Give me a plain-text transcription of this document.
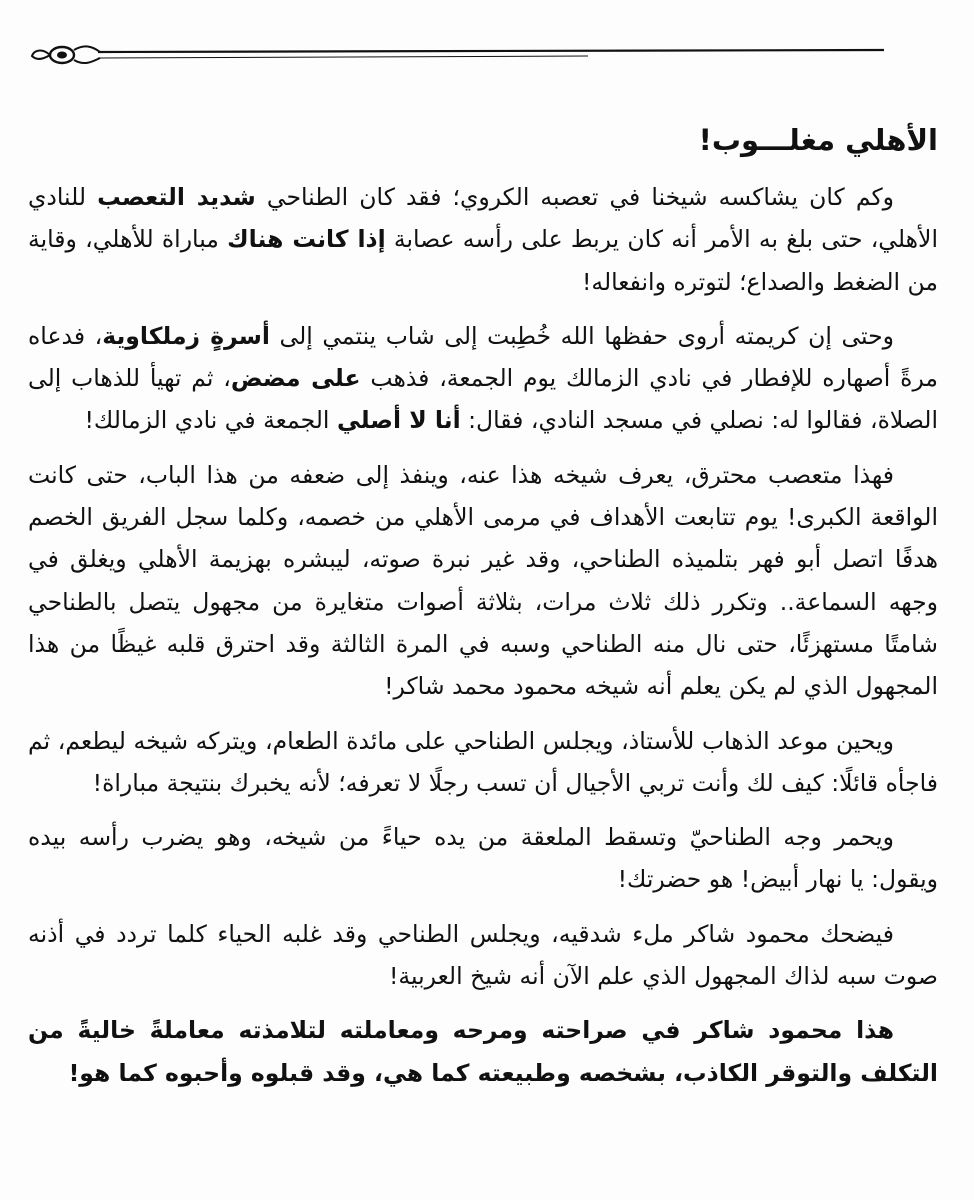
الأهلي مغلـــوب!

وكم كان يشاكسه شيخنا في تعصبه الكروي؛ فقد كان الطناحي شديد التعصب للنادي الأهلي، حتى بلغ به الأمر أنه كان يربط على رأسه عصابة إذا كانت هناك مباراة للأهلي، وقاية من الضغط والصداع؛ لتوتره وانفعاله!

وحتى إن كريمته أروى حفظها الله خُطِبت إلى شاب ينتمي إلى أسرةٍ زملكاوية، فدعاه مرةً أصهاره للإفطار في نادي الزمالك يوم الجمعة، فذهب على مضض، ثم تهيأ للذهاب إلى الصلاة، فقالوا له: نصلي في مسجد النادي، فقال: أنا لا أصلي الجمعة في نادي الزمالك!

فهذا متعصب محترق، يعرف شيخه هذا عنه، وينفذ إلى ضعفه من هذا الباب، حتى كانت الواقعة الكبرى! يوم تتابعت الأهداف في مرمى الأهلي من خصمه، وكلما سجل الفريق الخصم هدفًا اتصل أبو فهر بتلميذه الطناحي، وقد غير نبرة صوته، ليبشره بهزيمة الأهلي ويغلق في وجهه السماعة.. وتكرر ذلك ثلاث مرات، بثلاثة أصوات متغايرة من مجهول يتصل بالطناحي شامتًا مستهزئًا، حتى نال منه الطناحي وسبه في المرة الثالثة وقد احترق قلبه غيظًا من هذا المجهول الذي لم يكن يعلم أنه شيخه محمود محمد شاكر!

ويحين موعد الذهاب للأستاذ، ويجلس الطناحي على مائدة الطعام، ويتركه شيخه ليطعم، ثم فاجأه قائلًا: كيف لك وأنت تربي الأجيال أن تسب رجلًا لا تعرفه؛ لأنه يخبرك بنتيجة مباراة!

ويحمر وجه الطناحيّ وتسقط الملعقة من يده حياءً من شيخه، وهو يضرب رأسه بيده ويقول: يا نهار أبيض! هو حضرتك!

فيضحك محمود شاكر ملء شدقيه، ويجلس الطناحي وقد غلبه الحياء كلما تردد في أذنه صوت سبه لذاك المجهول الذي علم الآن أنه شيخ العربية!

هذا محمود شاكر في صراحته ومرحه ومعاملته لتلامذته معاملةً خاليةً من التكلف والتوقر الكاذب، بشخصه وطبيعته كما هي، وقد قبلوه وأحبوه كما هو!
